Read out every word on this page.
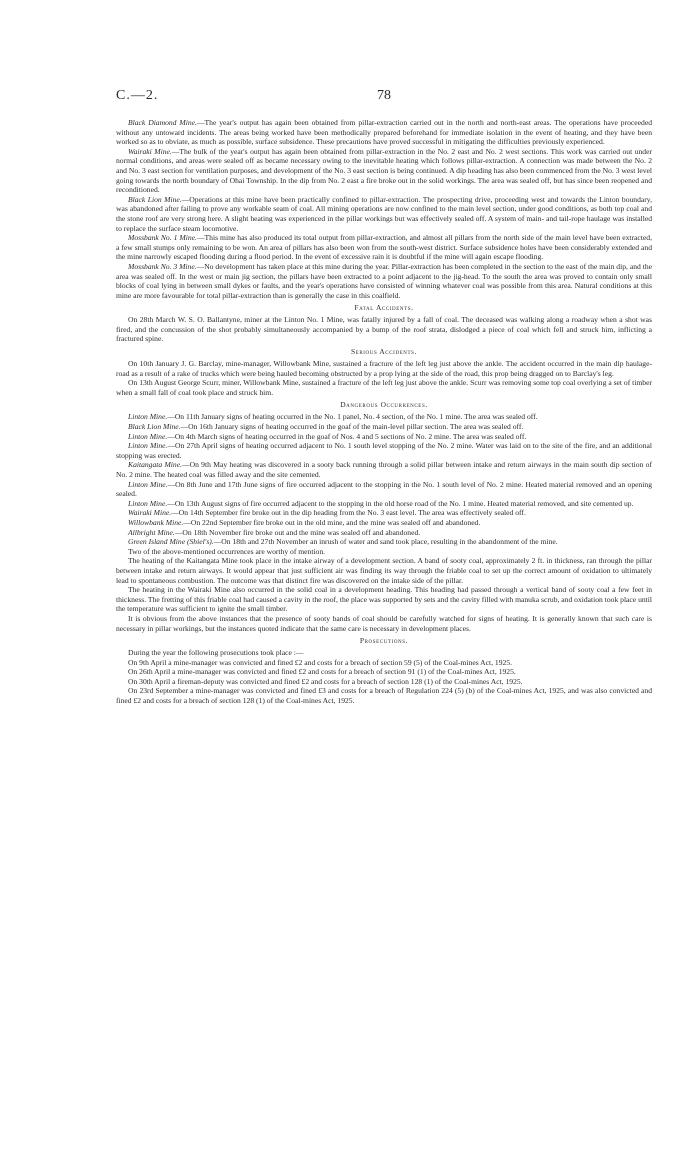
C.—2.	78

Black Diamond Mine.—The year's output has again been obtained from pillar-extraction carried out in the north and north-east areas. The operations have proceeded without any untoward incidents. The areas being worked have been methodically prepared beforehand for immediate isolation in the event of heating, and they have been worked so as to obviate, as much as possible, surface subsidence. These precautions have proved successful in mitigating the difficulties previously experienced.

Wairaki Mine.—The bulk of the year's output has again been obtained from pillar-extraction in the No. 2 east and No. 2 west sections. This work was carried out under normal conditions, and areas were sealed off as became necessary owing to the inevitable heating which follows pillar-extraction. A connection was made between the No. 2 and No. 3 east section for ventilation purposes, and development of the No. 3 east section is being continued. A dip heading has also been commenced from the No. 3 west level going towards the north boundary of Ohai Township. In the dip from No. 2 east a fire broke out in the solid workings. The area was sealed off, but has since been reopened and reconditioned.

Black Lion Mine.—Operations at this mine have been practically confined to pillar-extraction. The prospecting drive, proceeding west and towards the Linton boundary, was abandoned after failing to prove any workable seam of coal. All mining operations are now confined to the main level section, under good conditions, as both top coal and the stone roof are very strong here. A slight heating was experienced in the pillar workings but was effectively sealed off. A system of main- and tail-rope haulage was installed to replace the surface steam locomotive.

Mossbank No. 1 Mine.—This mine has also produced its total output from pillar-extraction, and almost all pillars from the north side of the main level have been extracted, a few small stumps only remaining to be won. An area of pillars has also been won from the south-west district. Surface subsidence holes have been considerably extended and the mine narrowly escaped flooding during a flood period. In the event of excessive rain it is doubtful if the mine will again escape flooding.

Mossbank No. 3 Mine.—No development has taken place at this mine during the year. Pillar-extraction has been completed in the section to the east of the main dip, and the area was sealed off. In the west or main jig section, the pillars have been extracted to a point adjacent to the jig-head. To the south the area was proved to contain only small blocks of coal lying in between small dykes or faults, and the year's operations have consisted of winning whatever coal was possible from this area. Natural conditions at this mine are more favourable for total pillar-extraction than is generally the case in this coalfield.

Fatal Accidents.

On 28th March W. S. O. Ballantyne, miner at the Linton No. 1 Mine, was fatally injured by a fall of coal. The deceased was walking along a roadway when a shot was fired, and the concussion of the shot probably simultaneously accompanied by a bump of the roof strata, dislodged a piece of coal which fell and struck him, inflicting a fractured spine.

Serious Accidents.

On 10th January J. G. Barclay, mine-manager, Willowbank Mine, sustained a fracture of the left leg just above the ankle. The accident occurred in the main dip haulage-road as a result of a rake of trucks which were being hauled becoming obstructed by a prop lying at the side of the road, this prop being dragged on to Barclay's leg.

On 13th August George Scurr, miner, Willowbank Mine, sustained a fracture of the left leg just above the ankle. Scurr was removing some top coal overlying a set of timber when a small fall of coal took place and struck him.

Dangerous Occurrences.

Linton Mine.—On 11th January signs of heating occurred in the No. 1 panel, No. 4 section, of the No. 1 mine. The area was sealed off.

Black Lion Mine.—On 16th January signs of heating occurred in the goaf of the main-level pillar section. The area was sealed off.

Linton Mine.—On 4th March signs of heating occurred in the goaf of Nos. 4 and 5 sections of No. 2 mine. The area was sealed off.

Linton Mine.—On 27th April signs of heating occurred adjacent to No. 1 south level stopping of the No. 2 mine. Water was laid on to the site of the fire, and an additional stopping was erected.

Kaitangata Mine.—On 9th May heating was discovered in a sooty back running through a solid pillar between intake and return airways in the main south dip section of No. 2 mine. The heated coal was filled away and the site cemented.

Linton Mine.—On 8th June and 17th June signs of fire occurred adjacent to the stopping in the No. 1 south level of No. 2 mine. Heated material removed and an opening sealed.

Linton Mine.—On 13th August signs of fire occurred adjacent to the stopping in the old horse road of the No. 1 mine. Heated material removed, and site cemented up.

Wairaki Mine.—On 14th September fire broke out in the dip heading from the No. 3 east level. The area was effectively sealed off.

Willowbank Mine.—On 22nd September fire broke out in the old mine, and the mine was sealed off and abandoned.

Allbright Mine.—On 18th November fire broke out and the mine was sealed off and abandoned.

Green Island Mine (Shiel's).—On 18th and 27th November an inrush of water and sand took place, resulting in the abandonment of the mine.

Two of the above-mentioned occurrences are worthy of mention.

The heating of the Kaitangata Mine took place in the intake airway of a development section. A band of sooty coal, approximately 2 ft. in thickness, ran through the pillar between intake and return airways. It would appear that just sufficient air was finding its way through the friable coal to set up the correct amount of oxidation to ultimately lead to spontaneous combustion. The outcome was that distinct fire was discovered on the intake side of the pillar.

The heating in the Wairaki Mine also occurred in the solid coal in a development heading. This heading had passed through a vertical band of sooty coal a few feet in thickness. The fretting of this friable coal had caused a cavity in the roof, the place was supported by sets and the cavity filled with manuka scrub, and oxidation took place until the temperature was sufficient to ignite the small timber.

It is obvious from the above instances that the presence of sooty bands of coal should be carefully watched for signs of heating. It is generally known that such care is necessary in pillar workings, but the instances quoted indicate that the same care is necessary in development places.

Prosecutions.

During the year the following prosecutions took place :—

On 9th April a mine-manager was convicted and fined £2 and costs for a breach of section 59 (5) of the Coal-mines Act, 1925.

On 26th April a mine-manager was convicted and fined £2 and costs for a breach of section 91 (1) of the Coal-mines Act, 1925.

On 30th April a fireman-deputy was convicted and fined £2 and costs for a breach of section 128 (1) of the Coal-mines Act, 1925.

On 23rd September a mine-manager was convicted and fined £3 and costs for a breach of Regulation 224 (5) (b) of the Coal-mines Act, 1925, and was also convicted and fined £2 and costs for a breach of section 128 (1) of the Coal-mines Act, 1925.
